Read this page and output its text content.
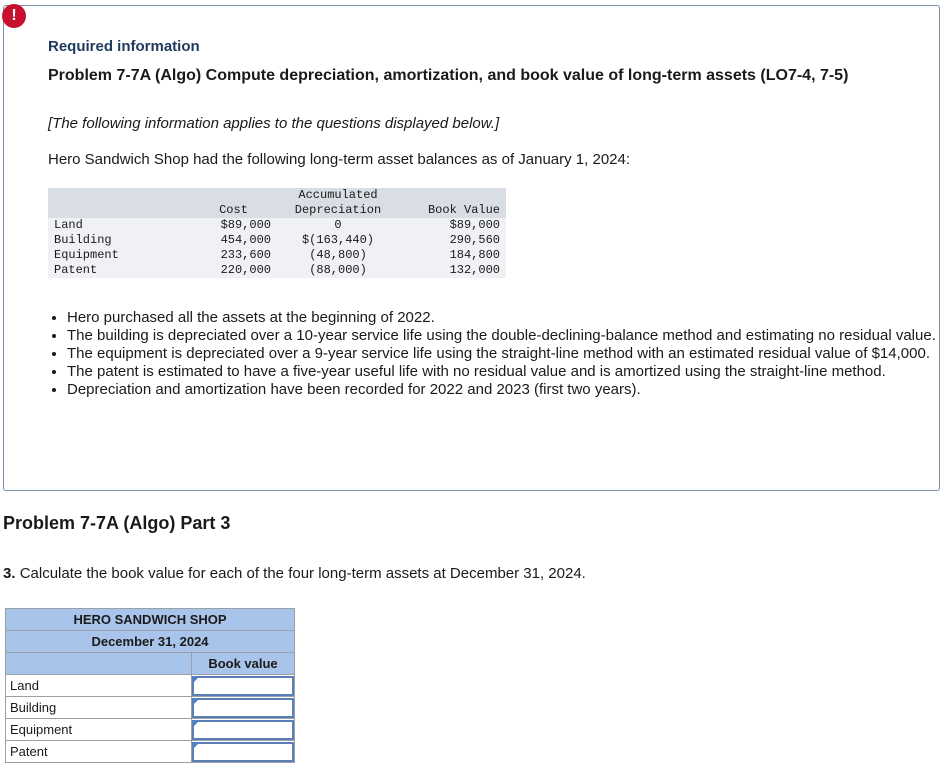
!
Required information
Problem 7-7A (Algo) Compute depreciation, amortization, and book value of long-term assets (LO7-4, 7-5)
[The following information applies to the questions displayed below.]
Hero Sandwich Shop had the following long-term asset balances as of January 1, 2024:
		Accumulated	
	Cost	Depreciation	Book Value
Land	$89,000	0	$89,000
Building	454,000	$(163,440)	290,560
Equipment	233,600	(48,800)	184,800
Patent	220,000	(88,000)	132,000
• Hero purchased all the assets at the beginning of 2022.
• The building is depreciated over a 10-year service life using the double-declining-balance method and estimating no residual value.
• The equipment is depreciated over a 9-year service life using the straight-line method with an estimated residual value of $14,000.
• The patent is estimated to have a five-year useful life with no residual value and is amortized using the straight-line method.
• Depreciation and amortization have been recorded for 2022 and 2023 (first two years).
Problem 7-7A (Algo) Part 3
3. Calculate the book value for each of the four long-term assets at December 31, 2024.
HERO SANDWICH SHOP	
December 31, 2024	
	Book value
Land	

Building	

Equipment	

Patent	
